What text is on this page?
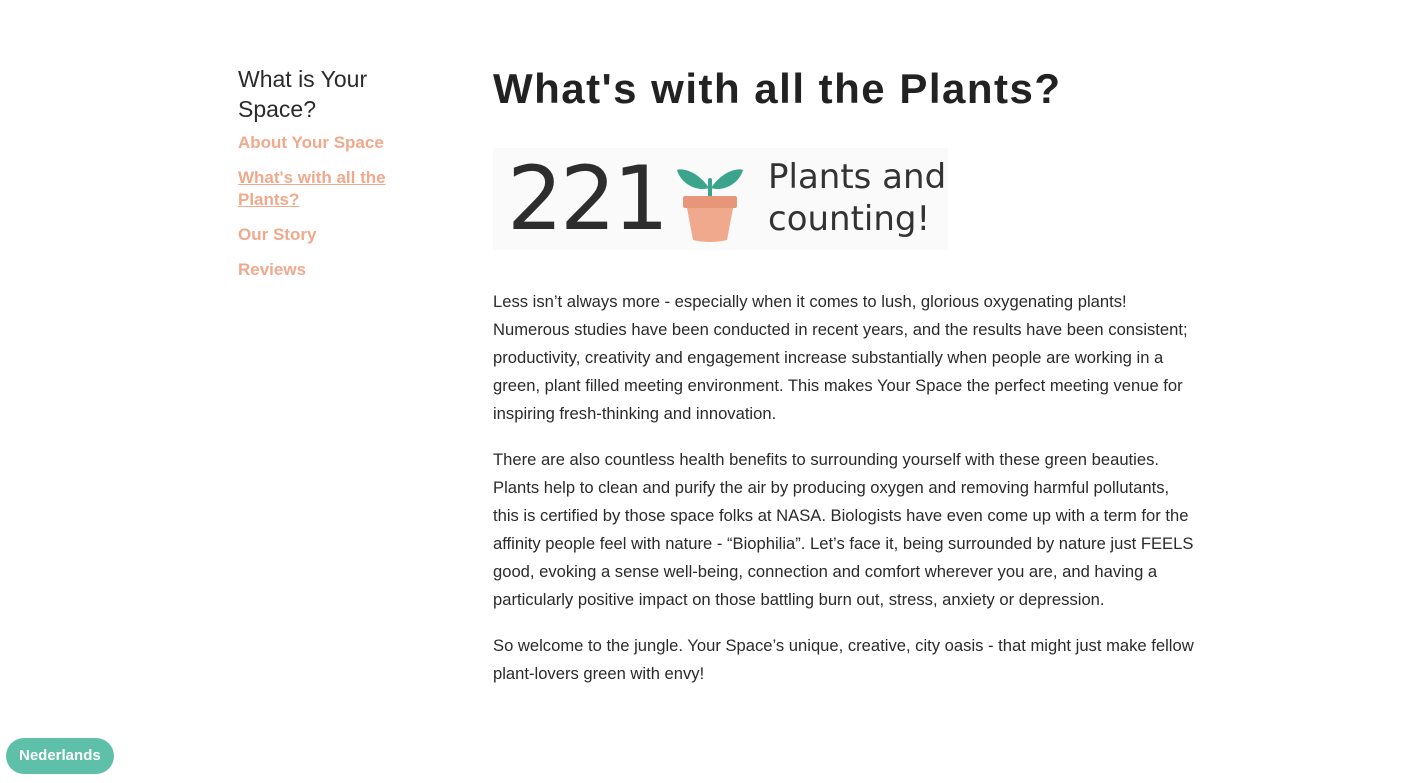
What is Your Space?
About Your Space
What's with all the Plants?
Our Story
Reviews
What's with all the Plants?
221	Plants and
counting!

Less isn’t always more - especially when it comes to lush, glorious oxygenating plants! Numerous studies have been conducted in recent years, and the results have been consistent; productivity, creativity and engagement increase substantially when people are working in a green, plant filled meeting environment. This makes Your Space the perfect meeting venue for inspiring fresh-thinking and innovation.

There are also countless health benefits to surrounding yourself with these green beauties. Plants help to clean and purify the air by producing oxygen and removing harmful pollutants, this is certified by those space folks at NASA. Biologists have even come up with a term for the affinity people feel with nature - “Biophilia”. Let’s face it, being surrounded by nature just FEELS good, evoking a sense well-being, connection and comfort wherever you are, and having a particularly positive impact on those battling burn out, stress, anxiety or depression.

So welcome to the jungle. Your Space’s unique, creative, city oasis - that might just make fellow plant-lovers green with envy!

Nederlands
